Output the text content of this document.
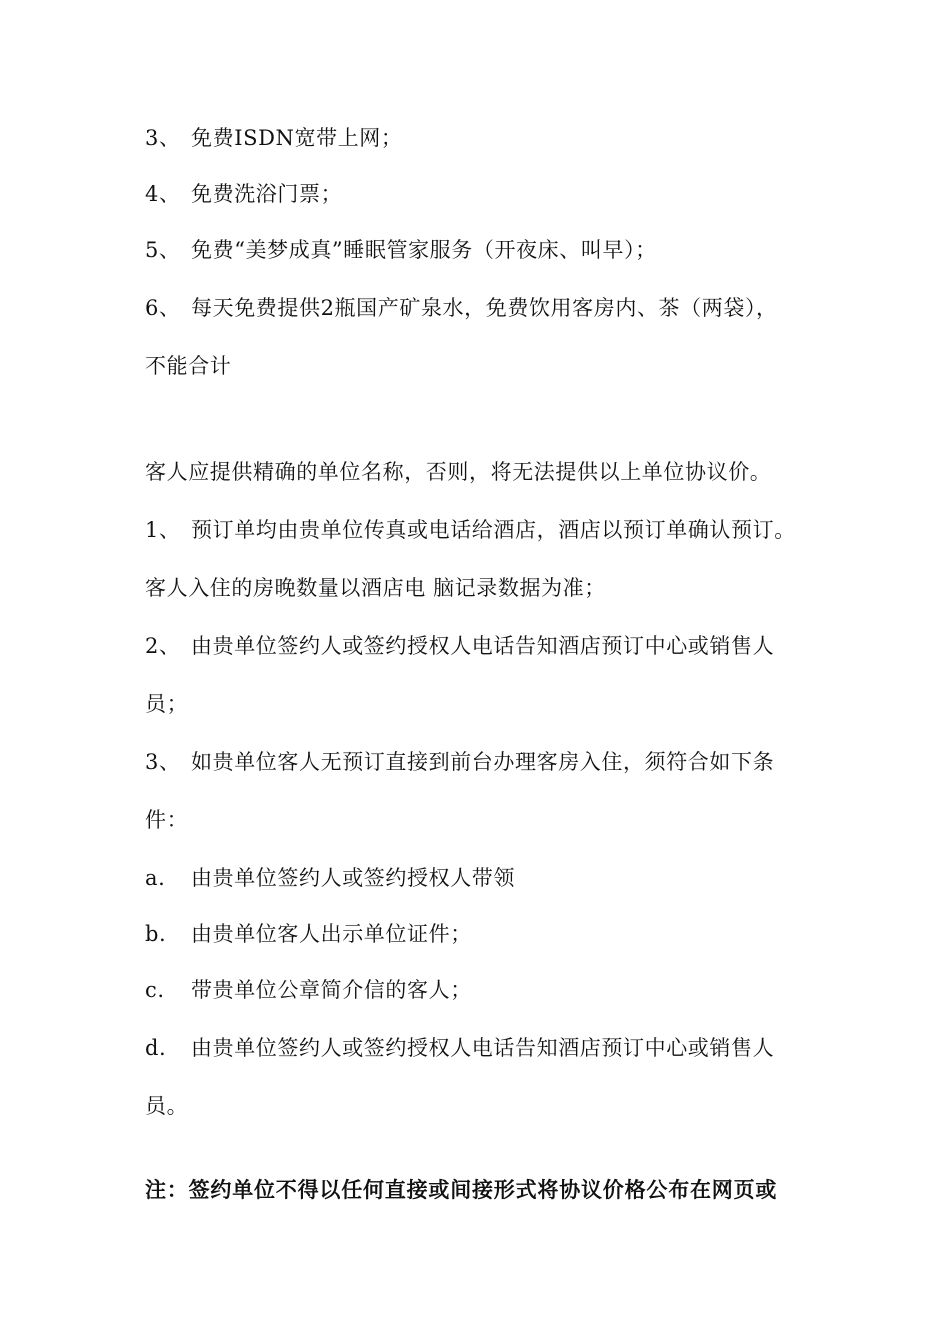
3、 免费ISDN宽带上网；
4、 免费洗浴门票；
5、 免费“美梦成真”睡眠管家服务（开夜床、叫早）；
6、 每天免费提供2瓶国产矿泉水，免费饮用客房内、茶（两袋），
不能合计
客人应提供精确的单位名称，否则，将无法提供以上单位协议价。
1、 预订单均由贵单位传真或电话给酒店，酒店以预订单确认预订。
客人入住的房晚数量以酒店电 脑记录数据为准；
2、 由贵单位签约人或签约授权人电话告知酒店预订中心或销售人
员；
3、 如贵单位客人无预订直接到前台办理客房入住，须符合如下条
件：
a. 由贵单位签约人或签约授权人带领
b. 由贵单位客人出示单位证件；
c. 带贵单位公章简介信的客人；
d. 由贵单位签约人或签约授权人电话告知酒店预订中心或销售人
员。
注：签约单位不得以任何直接或间接形式将协议价格公布在网页或
